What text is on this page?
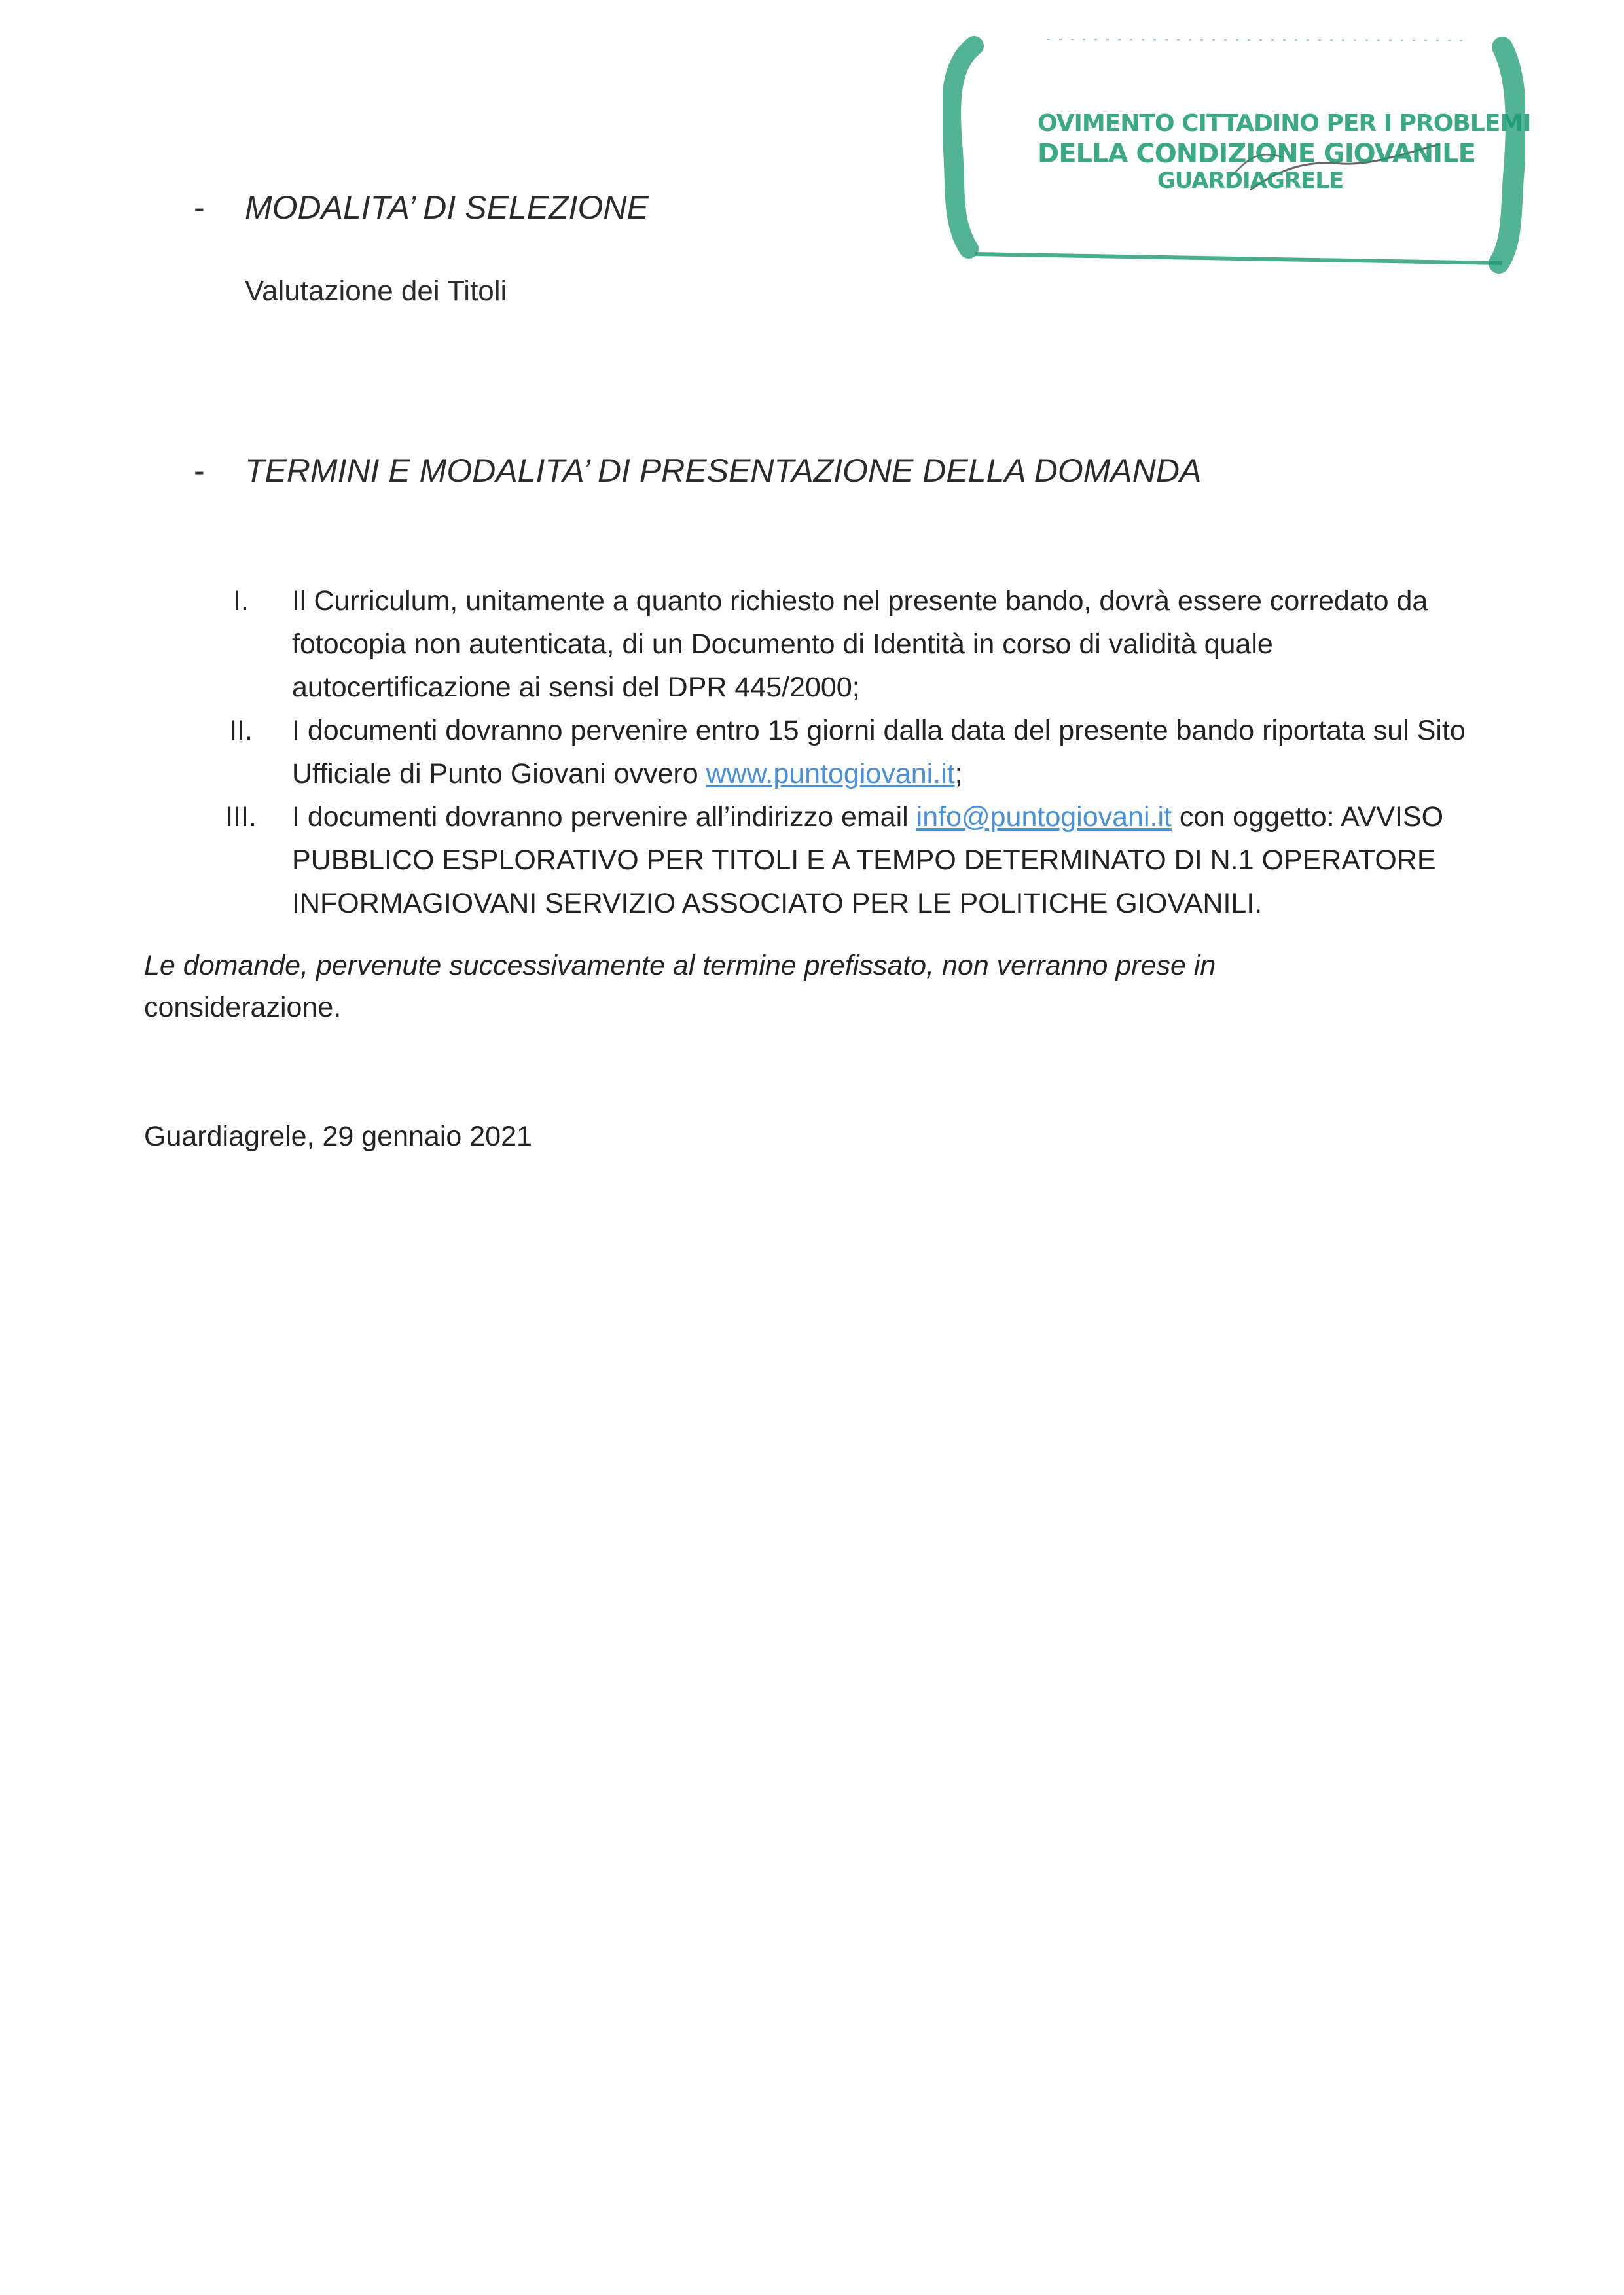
OVIMENTO CITTADINO PER I PROBLEMI
DELLA CONDIZIONE GIOVANILE
GUARDIAGRELE
-	MODALITA’ DI SELEZIONE
Valutazione dei Titoli
-	TERMINI E MODALITA’ DI PRESENTAZIONE DELLA DOMANDA
I.	Il Curriculum, unitamente a quanto richiesto nel presente bando, dovrà essere corredato da fotocopia non autenticata, di un Documento di Identità in corso di validità quale autocertificazione ai sensi del DPR 445/2000;
II.	I documenti dovranno pervenire entro 15 giorni dalla data del presente bando riportata sul Sito Ufficiale di Punto Giovani ovvero www.puntogiovani.it;
III.	I documenti dovranno pervenire all’indirizzo email info@puntogiovani.it con oggetto: AVVISO PUBBLICO ESPLORATIVO PER TITOLI E A TEMPO DETERMINATO DI N.1 OPERATORE INFORMAGIOVANI SERVIZIO ASSOCIATO PER LE POLITICHE GIOVANILI.
Le domande, pervenute successivamente al termine prefissato, non verranno prese in
considerazione.
Guardiagrele, 29 gennaio 2021
